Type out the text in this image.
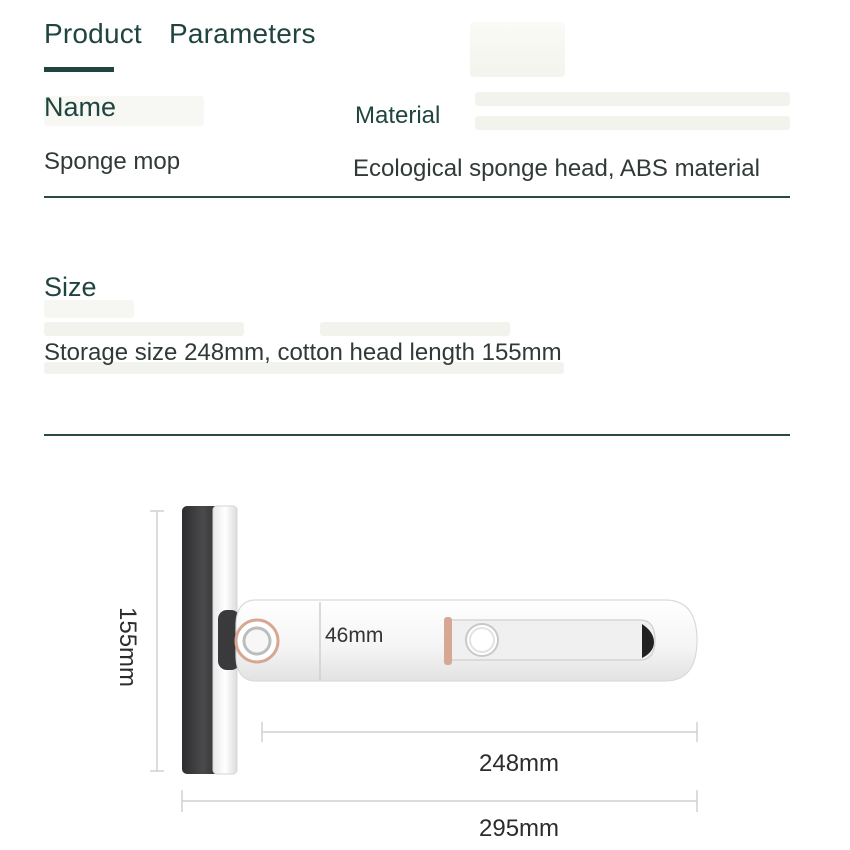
Product Parameters
Name	Material
Sponge mop	Ecological sponge head, ABS material
Size
Storage size 248mm, cotton head length 155mm
155mm	46mm
248mm
295mm
